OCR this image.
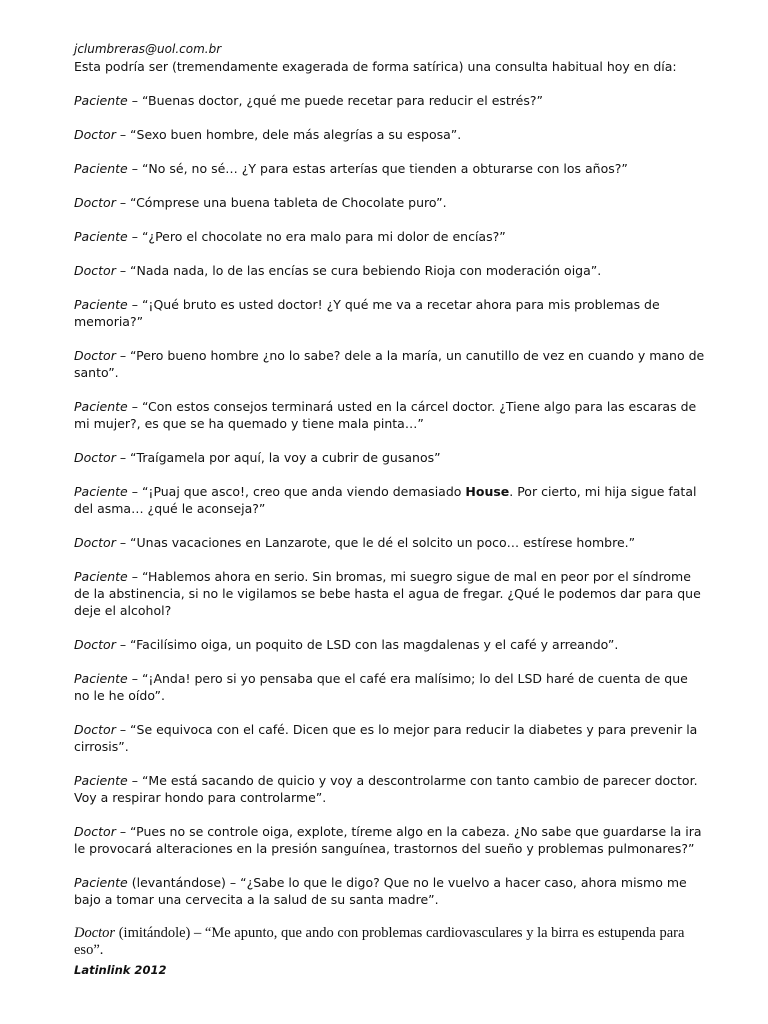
jclumbreras@uol.com.br

Esta podría ser (tremendamente exagerada de forma satírica) una consulta habitual hoy en día:

Paciente – “Buenas doctor, ¿qué me puede recetar para reducir el estrés?”

Doctor – “Sexo buen hombre, dele más alegrías a su esposa”.

Paciente – “No sé, no sé… ¿Y para estas arterías que tienden a obturarse con los años?”

Doctor – “Cómprese una buena tableta de Chocolate puro”.

Paciente – “¿Pero el chocolate no era malo para mi dolor de encías?”

Doctor – “Nada nada, lo de las encías se cura bebiendo Rioja con moderación oiga”.

Paciente – “¡Qué bruto es usted doctor! ¿Y qué me va a recetar ahora para mis problemas de memoria?”

Doctor – “Pero bueno hombre ¿no lo sabe? dele a la maría, un canutillo de vez en cuando y mano de santo”.

Paciente – “Con estos consejos terminará usted en la cárcel doctor. ¿Tiene algo para las escaras de mi mujer?, es que se ha quemado y tiene mala pinta…”

Doctor – “Traígamela por aquí, la voy a cubrir de gusanos”

Paciente – “¡Puaj que asco!, creo que anda viendo demasiado House. Por cierto, mi hija sigue fatal del asma… ¿qué le aconseja?”

Doctor – “Unas vacaciones en Lanzarote, que le dé el solcito un poco… estírese hombre.”

Paciente – “Hablemos ahora en serio. Sin bromas, mi suegro sigue de mal en peor por el síndrome de la abstinencia, si no le vigilamos se bebe hasta el agua de fregar. ¿Qué le podemos dar para que deje el alcohol?

Doctor – “Facilísimo oiga, un poquito de LSD con las magdalenas y el café y arreando”.

Paciente – “¡Anda! pero si yo pensaba que el café era malísimo; lo del LSD haré de cuenta de que no le he oído”.

Doctor – “Se equivoca con el café. Dicen que es lo mejor para reducir la diabetes y para prevenir la cirrosis”.

Paciente – “Me está sacando de quicio y voy a descontrolarme con tanto cambio de parecer doctor. Voy a respirar hondo para controlarme”.

Doctor – “Pues no se controle oiga, explote, tíreme algo en la cabeza. ¿No sabe que guardarse la ira le provocará alteraciones en la presión sanguínea, trastornos del sueño y problemas pulmonares?”

Paciente (levantándose) – “¿Sabe lo que le digo? Que no le vuelvo a hacer caso, ahora mismo me bajo a tomar una cervecita a la salud de su santa madre”.

Doctor (imitándole) – “Me apunto, que ando con problemas cardiovasculares y la birra es estupenda para eso”.

Latinlink 2012
